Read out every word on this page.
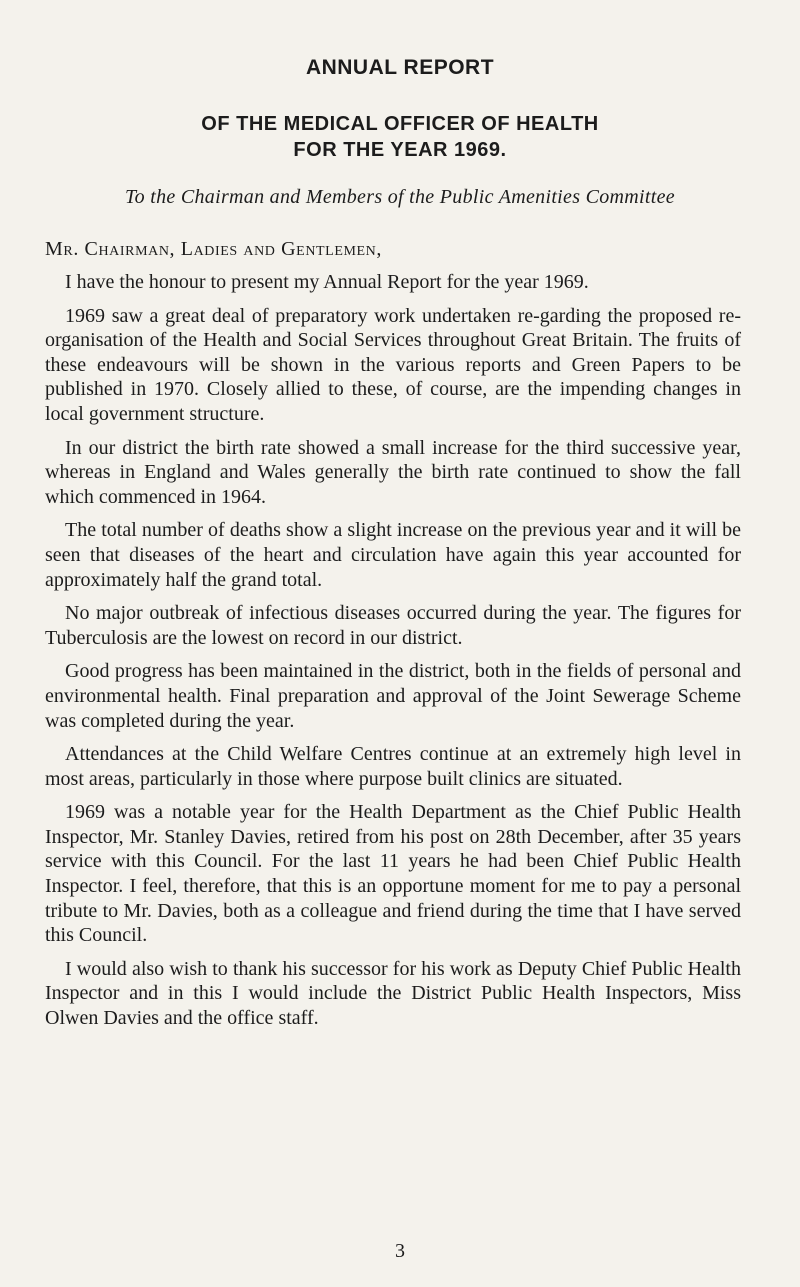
ANNUAL REPORT
OF THE MEDICAL OFFICER OF HEALTH
FOR THE YEAR 1969.
To the Chairman and Members of the Public Amenities Committee
Mr. Chairman, Ladies and Gentlemen,

I have the honour to present my Annual Report for the year 1969.

1969 saw a great deal of preparatory work undertaken re-garding the proposed re-organisation of the Health and Social Services throughout Great Britain. The fruits of these endeavours will be shown in the various reports and Green Papers to be published in 1970. Closely allied to these, of course, are the impending changes in local government structure.

In our district the birth rate showed a small increase for the third successive year, whereas in England and Wales generally the birth rate continued to show the fall which commenced in 1964.

The total number of deaths show a slight increase on the previous year and it will be seen that diseases of the heart and circulation have again this year accounted for approximately half the grand total.

No major outbreak of infectious diseases occurred during the year. The figures for Tuberculosis are the lowest on record in our district.

Good progress has been maintained in the district, both in the fields of personal and environmental health. Final preparation and approval of the Joint Sewerage Scheme was completed during the year.

Attendances at the Child Welfare Centres continue at an extremely high level in most areas, particularly in those where purpose built clinics are situated.

1969 was a notable year for the Health Department as the Chief Public Health Inspector, Mr. Stanley Davies, retired from his post on 28th December, after 35 years service with this Council. For the last 11 years he had been Chief Public Health Inspector. I feel, therefore, that this is an opportune moment for me to pay a personal tribute to Mr. Davies, both as a colleague and friend during the time that I have served this Council.

I would also wish to thank his successor for his work as Deputy Chief Public Health Inspector and in this I would include the District Public Health Inspectors, Miss Olwen Davies and the office staff.

3
